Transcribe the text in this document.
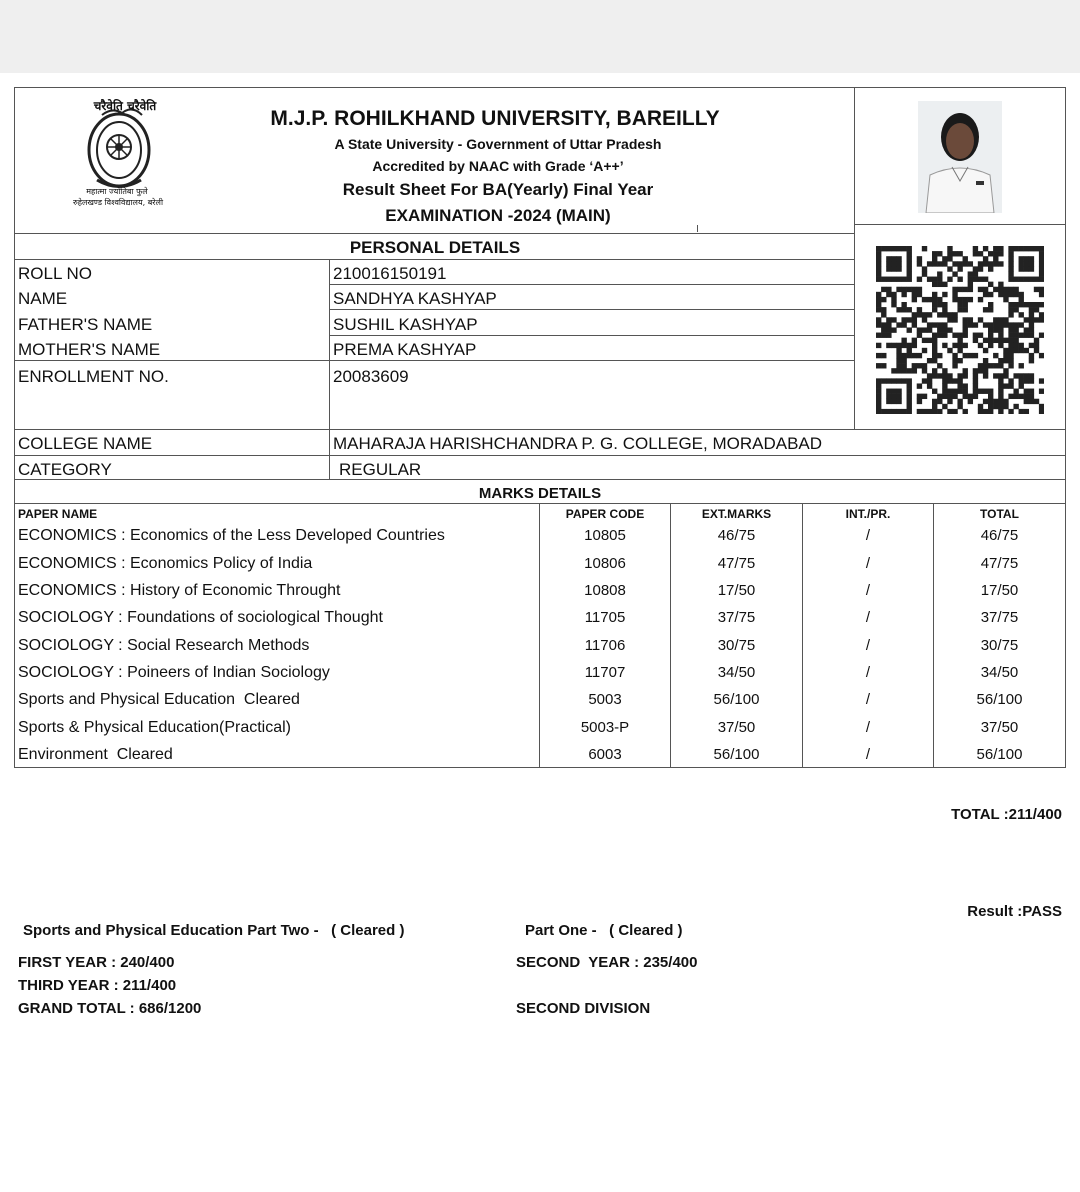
चरैवेति चरैवेति
महात्मा ज्योतिबा फुले
रुहेलखण्ड विश्वविद्यालय, बरेली
M.J.P. ROHILKHAND UNIVERSITY, BAREILLY
A State University - Government of Uttar Pradesh
Accredited by NAAC with Grade ‘A++’
Result Sheet For BA(Yearly) Final Year
EXAMINATION -2024 (MAIN)
PERSONAL DETAILS
ROLL NO	210016150191
NAME	SANDHYA KASHYAP
FATHER'S NAME	SUSHIL KASHYAP
MOTHER'S NAME	PREMA KASHYAP
ENROLLMENT NO.	20083609
COLLEGE NAME	MAHARAJA HARISHCHANDRA P. G. COLLEGE, MORADABAD
CATEGORY	REGULAR
MARKS DETAILS
PAPER NAME	PAPER CODE	EXT.MARKS	INT./PR.	TOTAL
ECONOMICS : Economics of the Less Developed Countries	10805	46/75	/	46/75
ECONOMICS : Economics Policy of India	10806	47/75	/	47/75
ECONOMICS : History of Economic Throught	10808	17/50	/	17/50
SOCIOLOGY : Foundations of sociological Thought	11705	37/75	/	37/75
SOCIOLOGY : Social Research Methods	11706	30/75	/	30/75
SOCIOLOGY : Poineers of Indian Sociology	11707	34/50	/	34/50
Sports and Physical Education  Cleared	5003	56/100	/	56/100
Sports & Physical Education(Practical)	5003-P	37/50	/	37/50
Environment  Cleared	6003	56/100	/	56/100
TOTAL :211/400
Result :PASS
Sports and Physical Education Part Two -   ( Cleared )	Part One -   ( Cleared )
FIRST YEAR : 240/400	SECOND  YEAR : 235/400
THIRD YEAR : 211/400
GRAND TOTAL : 686/1200	SECOND DIVISION
